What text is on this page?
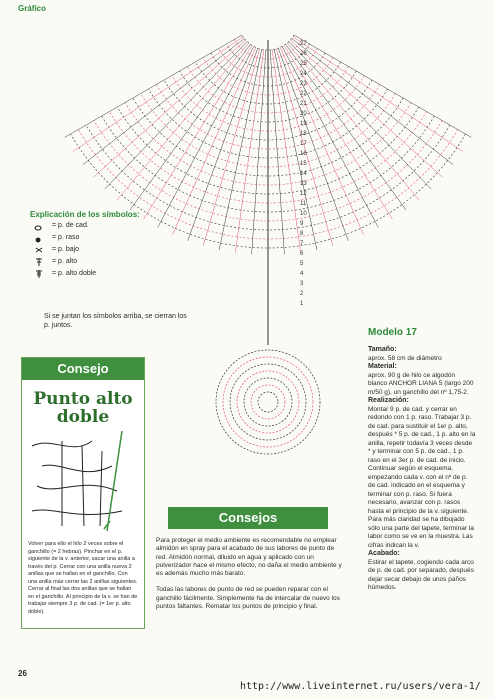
27
26
25
24
23
22
21
20
19
18
17
16
15
14
13
12
11
10
9
8
7
6
5
4
3
2
1
Gráfico
Explicación de los símbolos:
= p. de cad.
= p. raso
= p. bajo
= p. alto
= p. alto doble
Si se juntan los símbolos arriba, se cierran los p. juntos.
Consejo
Punto alto
doble
Volver para ello el hilo 2 veces sobre el ganchillo (= 2 hebras). Pinchar en el p. siguiente de la v. anterior, sacar una anilla a través del p. Cerrar con una anilla nueva 2 anillas que se hallan en el ganchillo. Con una anilla más cerrar las 2 anillas siguientes. Cerrar al final las dos anillas que se hallan en el ganchillo. Al principio de la v. se han de trabajar siempre 3 p. de cad. (= 1er p. alto doble).
Consejos
Para proteger el medio ambiente es recomendable no emplear almidón en spray para el acabado de sus labores de punto de red. Almidón normal, diluido en agua y aplicado con un pulverizador hace el mismo efecto, no daña el medio ambiente y es además mucho más barato.
Todas las labores de punto de red se pueden reparar con el ganchillo fácilmente. Simplemente ha de intercalar de nuevo los puntos faltantes. Rematar los puntos de principio y final.
Modelo 17
Tamaño:
aprox. 58 cm de diámetro
Material:
aprox. 90 g de hilo ce algodón blanco ANCHOR LIANA 5 (largo 200 m/50 g), un ganchillo del nº 1,75-2.
Realización:
Montar 9 p. de cad. y cerrar en redondo con 1 p. raso. Trabajar 3 p. de cad. para sustituir el 1er p. alto, después * 5 p. de cad., 1 p. alto en la anilla, repetir todavía 3 veces desde * y terminar con 5 p. de cad., 1 p. raso en el 3er p. de cad. de inicio. Continuar según el esquema, empezando cada v. con el nº de p. de cad. indicado en el esquema y terminar con p. raso. Si fuera necesario, avanzar con p. rasos hasta el principio de la v. siguiente. Para más claridad se ha dibujado sólo una parte del tapete, terminar la labor como se ve en la muestra. Las cifras indican la v.
Acabado:
Estirar el tapete, cogiendo cada arco de p. de cad. por separado, después dejar secar debajo de unos paños húmedos.
26
http://www.liveinternet.ru/users/vera-1/
